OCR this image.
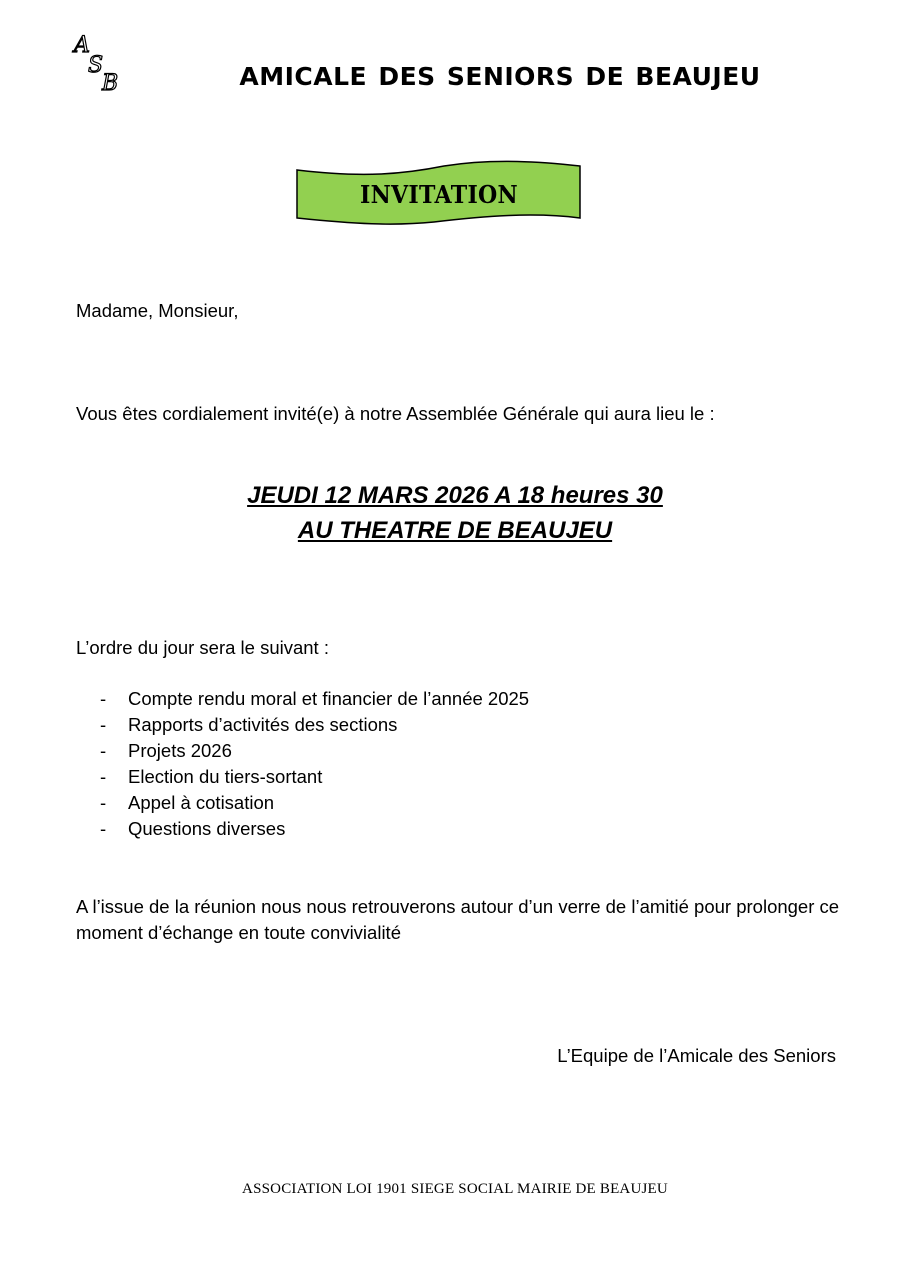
A
S
B	AMICALE DES SENIORS DE BEAUJEU
INVITATION
Madame, Monsieur,
Vous êtes cordialement invité(e) à notre Assemblée Générale qui aura lieu le :
JEUDI 12 MARS 2026 A 18 heures 30
AU THEATRE DE BEAUJEU
L’ordre du jour sera le suivant :
- Compte rendu moral et financier de l’année 2025
- Rapports d’activités des sections
- Projets 2026
- Election du tiers-sortant
- Appel à cotisation
- Questions diverses
A l’issue de la réunion nous nous retrouverons autour d’un verre de l’amitié pour prolonger ce moment d’échange en toute convivialité
L’Equipe de l’Amicale des Seniors
ASSOCIATION LOI 1901 SIEGE SOCIAL MAIRIE DE BEAUJEU
